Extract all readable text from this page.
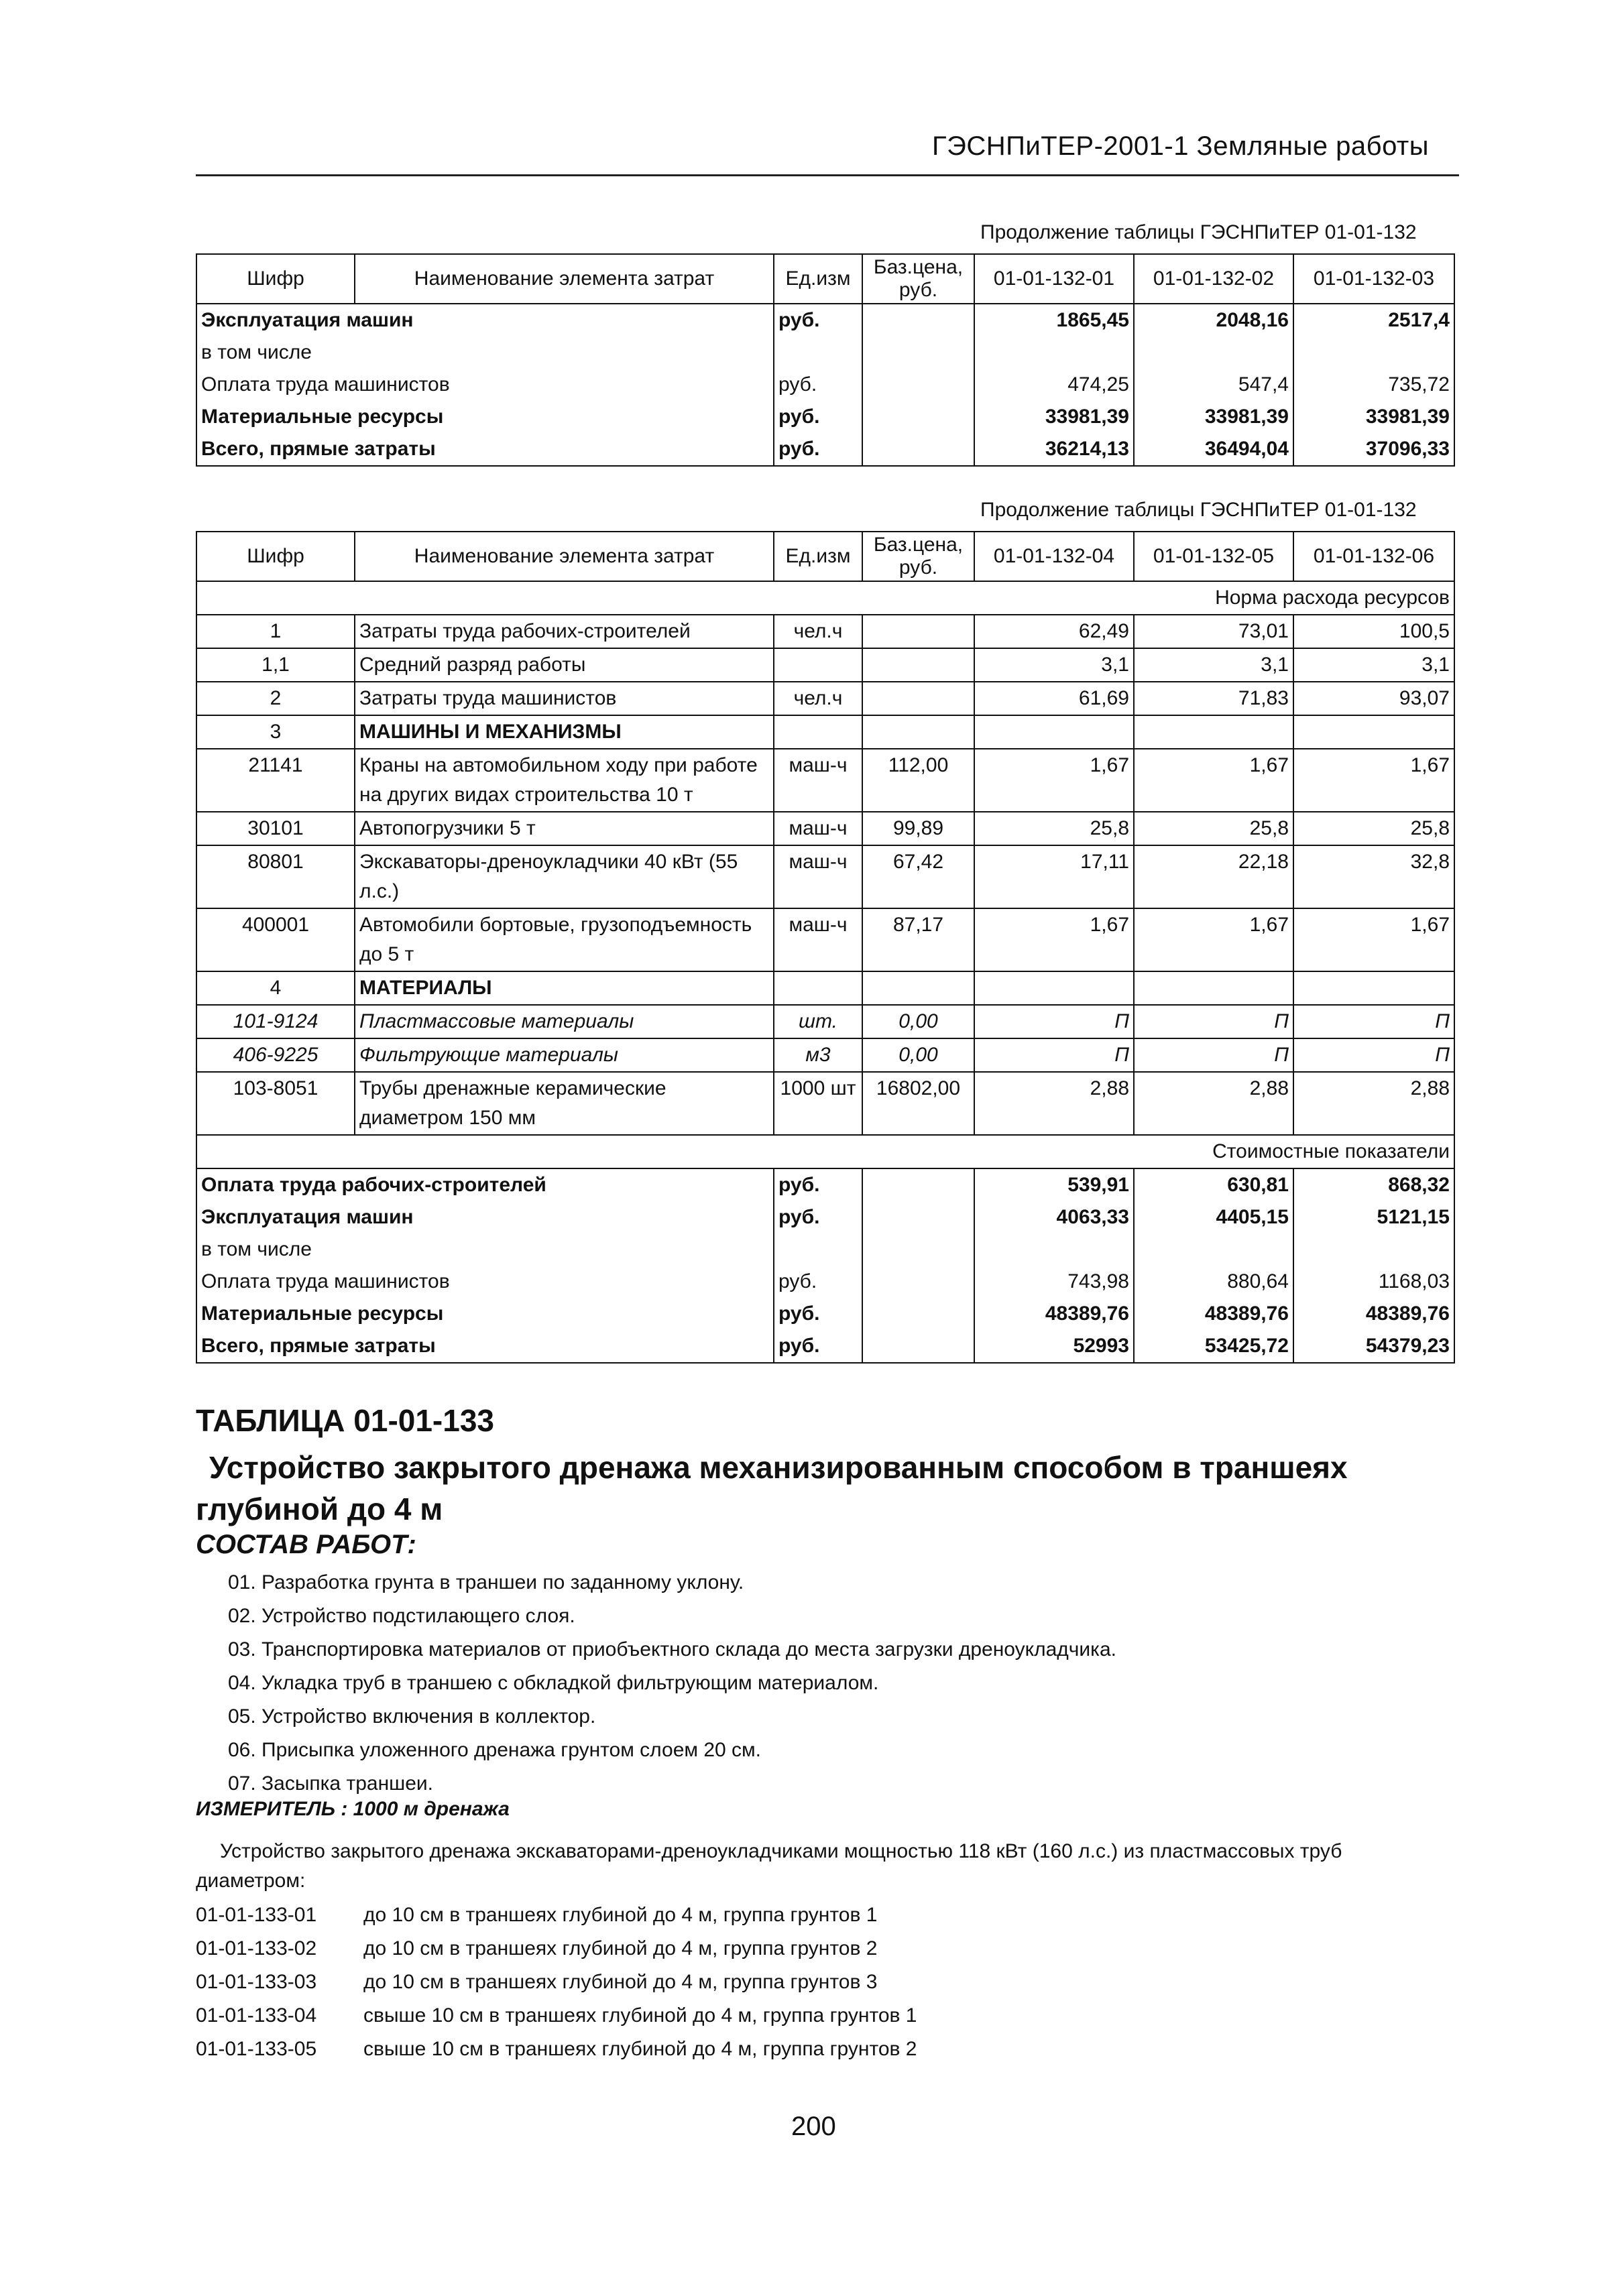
ГЭСНПиТЕР-2001-1 Земляные работы
Продолжение таблицы ГЭСНПиТЕР 01-01-132
Шифр	Наименование элемента затрат	Ед.изм	Баз.цена, руб.	01-01-132-01	01-01-132-02	01-01-132-03
Эксплуатация машин		руб.		1865,45	2048,16	2517,4
в том числе						
Оплата труда машинистов		руб.		474,25	547,4	735,72
Материальные ресурсы		руб.		33981,39	33981,39	33981,39
Всего, прямые затраты		руб.		36214,13	36494,04	37096,33
Продолжение таблицы ГЭСНПиТЕР 01-01-132
Шифр	Наименование элемента затрат	Ед.изм	Баз.цена, руб.	01-01-132-04	01-01-132-05	01-01-132-06
Норма расхода ресурсов						
1	Затраты труда рабочих-строителей	чел.ч		62,49	73,01	100,5
1,1	Средний разряд работы			3,1	3,1	3,1
2	Затраты труда машинистов	чел.ч		61,69	71,83	93,07
3	МАШИНЫ И МЕХАНИЗМЫ					
21141	Краны на автомобильном ходу при работе на других видах строительства 10 т	маш-ч	112,00	1,67	1,67	1,67
30101	Автопогрузчики 5 т	маш-ч	99,89	25,8	25,8	25,8
80801	Экскаваторы-дреноукладчики 40 кВт (55 л.с.)	маш-ч	67,42	17,11	22,18	32,8
400001	Автомобили бортовые, грузоподъемность до 5 т	маш-ч	87,17	1,67	1,67	1,67
4	МАТЕРИАЛЫ					
101-9124	Пластмассовые материалы	шт.	0,00	П	П	П
406-9225	Фильтрующие материалы	м3	0,00	П	П	П
103-8051	Трубы дренажные керамические диаметром 150 мм	1000 шт	16802,00	2,88	2,88	2,88
Стоимостные показатели						
Оплата труда рабочих-строителей		руб.		539,91	630,81	868,32
Эксплуатация машин		руб.		4063,33	4405,15	5121,15
в том числе						
Оплата труда машинистов		руб.		743,98	880,64	1168,03
Материальные ресурсы		руб.		48389,76	48389,76	48389,76
Всего, прямые затраты		руб.		52993	53425,72	54379,23
ТАБЛИЦА 01-01-133
Устройство закрытого дренажа механизированным способом в траншеях глубиной до 4 м
СОСТАВ РАБОТ:
01. Разработка грунта в траншеи по заданному уклону.
02. Устройство подстилающего слоя.
03. Транспортировка материалов от приобъектного склада до места загрузки дреноукладчика.
04. Укладка труб в траншею с обкладкой фильтрующим материалом.
05. Устройство включения в коллектор.
06. Присыпка уложенного дренажа грунтом слоем 20 см.
07. Засыпка траншеи.
ИЗМЕРИТЕЛЬ : 1000 м дренажа
Устройство закрытого дренажа экскаваторами-дреноукладчиками мощностью 118 кВт (160 л.с.) из пластмассовых труб диаметром:
01-01-133-01	до 10 см в траншеях глубиной до 4 м, группа грунтов 1
01-01-133-02	до 10 см в траншеях глубиной до 4 м, группа грунтов 2
01-01-133-03	до 10 см в траншеях глубиной до 4 м, группа грунтов 3
01-01-133-04	свыше 10 см в траншеях глубиной до 4 м, группа грунтов 1
01-01-133-05	свыше 10 см в траншеях глубиной до 4 м, группа грунтов 2
200
